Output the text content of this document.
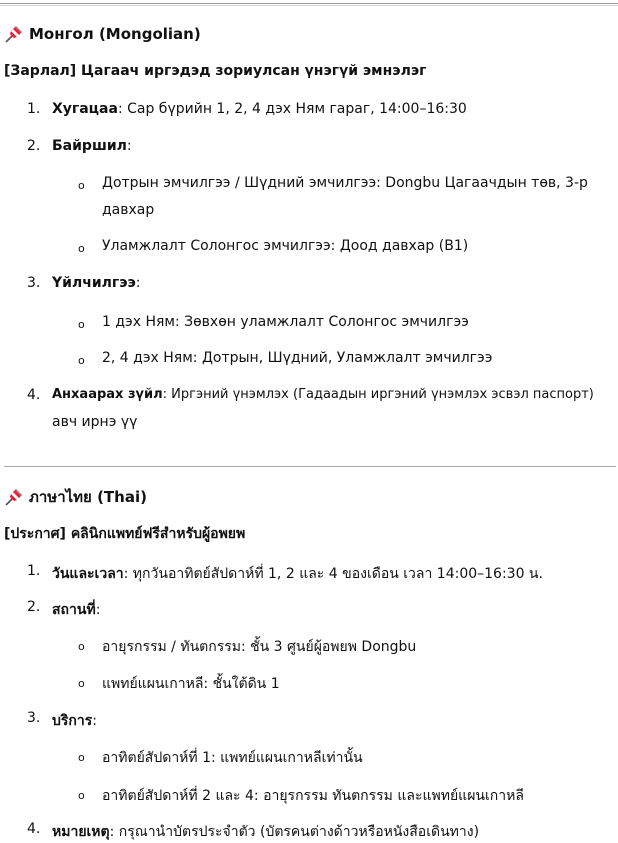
Монгол (Mongolian)
[Зарлал] Цагаач иргэдэд зориулсан үнэгүй эмнэлэг
1. Хугацаа: Сар бүрийн 1, 2, 4 дэх Ням гараг, 14:00–16:30
2. Байршил:
o Дотрын эмчилгээ / Шүдний эмчилгээ: Dongbu Цагаачдын төв, 3-р
давхар
o Уламжлалт Солонгос эмчилгээ: Доод давхар (B1)
3. Үйлчилгээ:
o 1 дэх Ням: Зөвхөн уламжлалт Солонгос эмчилгээ
o 2, 4 дэх Ням: Дотрын, Шүдний, Уламжлалт эмчилгээ
4. Анхаарах зүйл: Иргэний үнэмлэх (Гадаадын иргэний үнэмлэх эсвэл паспорт)
авч ирнэ үү
ภาษาไทย (Thai)
[ประกาศ] คลินิกแพทย์ฟรีสำหรับผู้อพยพ
1. วันและเวลา: ทุกวันอาทิตย์สัปดาห์ที่ 1, 2 และ 4 ของเดือน เวลา 14:00–16:30 น.
2. สถานที่:
o อายุรกรรม / ทันตกรรม: ชั้น 3 ศูนย์ผู้อพยพ Dongbu
o แพทย์แผนเกาหลี: ชั้นใต้ดิน 1
3. บริการ:
o อาทิตย์สัปดาห์ที่ 1: แพทย์แผนเกาหลีเท่านั้น
o อาทิตย์สัปดาห์ที่ 2 และ 4: อายุรกรรม ทันตกรรม และแพทย์แผนเกาหลี
4. หมายเหตุ: กรุณานำบัตรประจำตัว (บัตรคนต่างด้าวหรือหนังสือเดินทาง)
